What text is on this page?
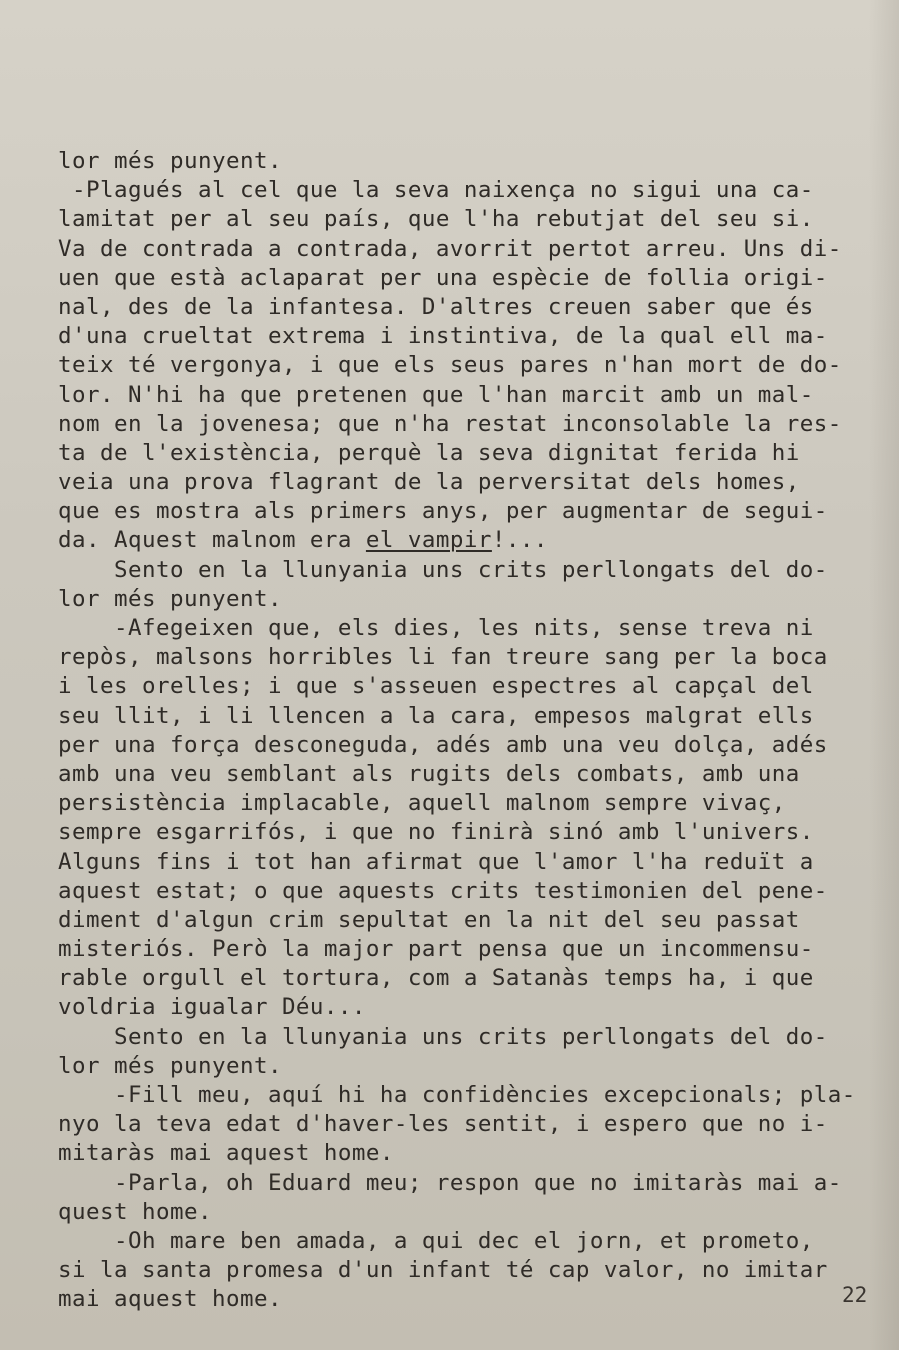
lor més punyent.
-Plagués al cel que la seva naixença no sigui una ca-
lamitat per al seu país, que l'ha rebutjat del seu si.
Va de contrada a contrada, avorrit pertot arreu. Uns di-
uen que està aclaparat per una espècie de follia origi-
nal, des de la infantesa. D'altres creuen saber que és
d'una crueltat extrema i instintiva, de la qual ell ma-
teix té vergonya, i que els seus pares n'han mort de do-
lor. N'hi ha que pretenen que l'han marcit amb un mal-
nom en la jovenesa; que n'ha restat inconsolable la res-
ta de l'existència, perquè la seva dignitat ferida hi
veia una prova flagrant de la perversitat dels homes,
que es mostra als primers anys, per augmentar de segui-
da. Aquest malnom era el vampir!...
Sento en la llunyania uns crits perllongats del do-
lor més punyent.
-Afegeixen que, els dies, les nits, sense treva ni
repòs, malsons horribles li fan treure sang per la boca
i les orelles; i que s'asseuen espectres al capçal del
seu llit, i li llencen a la cara, empesos malgrat ells
per una força desconeguda, adés amb una veu dolça, adés
amb una veu semblant als rugits dels combats, amb una
persistència implacable, aquell malnom sempre vivaç,
sempre esgarrifós, i que no finirà sinó amb l'univers.
Alguns fins i tot han afirmat que l'amor l'ha reduït a
aquest estat; o que aquests crits testimonien del pene-
diment d'algun crim sepultat en la nit del seu passat
misteriós. Però la major part pensa que un incommensu-
rable orgull el tortura, com a Satanàs temps ha, i que
voldria igualar Déu...
Sento en la llunyania uns crits perllongats del do-
lor més punyent.
-Fill meu, aquí hi ha confidències excepcionals; pla-
nyo la teva edat d'haver-les sentit, i espero que no i-
mitaràs mai aquest home.
-Parla, oh Eduard meu; respon que no imitaràs mai a-
quest home.
-Oh mare ben amada, a qui dec el jorn, et prometo,
si la santa promesa d'un infant té cap valor, no imitar
mai aquest home.	22
